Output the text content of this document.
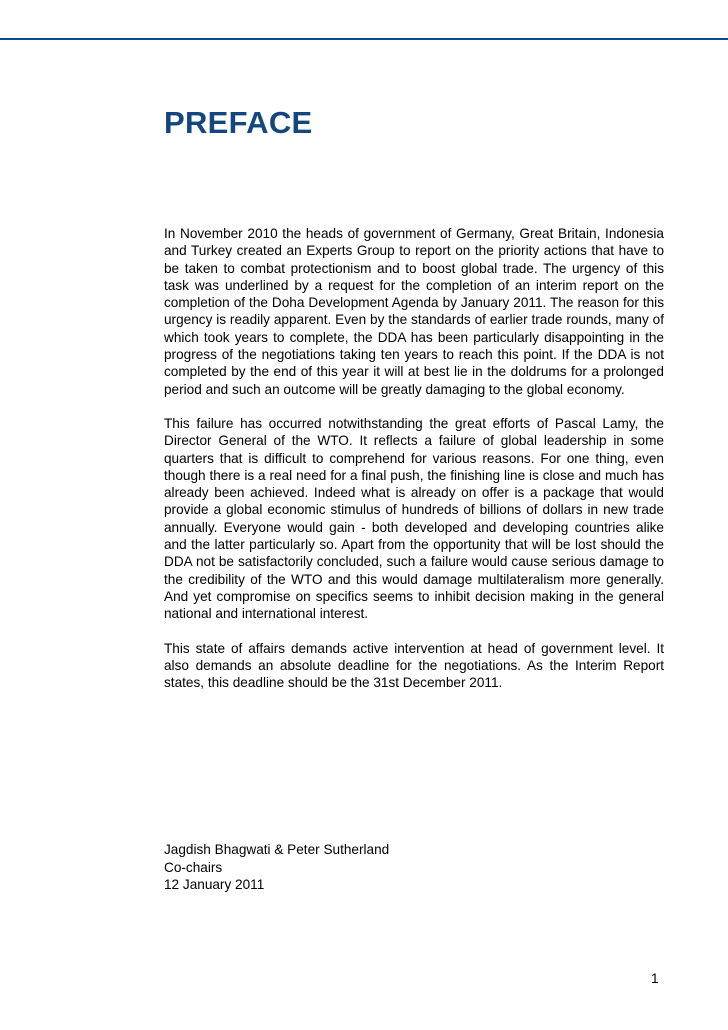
PREFACE

In November 2010 the heads of government of Germany, Great Britain, Indonesia and Turkey created an Experts Group to report on the priority actions that have to be taken to combat protectionism and to boost global trade. The urgency of this task was underlined by a request for the completion of an interim report on the completion of the Doha Development Agenda by January 2011. The reason for this urgency is readily apparent. Even by the standards of earlier trade rounds, many of which took years to complete, the DDA has been particularly disappointing in the progress of the negotiations taking ten years to reach this point. If the DDA is not completed by the end of this year it will at best lie in the doldrums for a prolonged period and such an outcome will be greatly damaging to the global economy.

This failure has occurred notwithstanding the great efforts of Pascal Lamy, the Director General of the WTO. It reflects a failure of global leadership in some quarters that is difficult to comprehend for various reasons. For one thing, even though there is a real need for a final push, the finishing line is close and much has already been achieved. Indeed what is already on offer is a package that would provide a global economic stimulus of hundreds of billions of dollars in new trade annually. Everyone would gain - both developed and developing countries alike and the latter particularly so. Apart from the opportunity that will be lost should the DDA not be satisfactorily concluded, such a failure would cause serious damage to the credibility of the WTO and this would damage multilateralism more generally. And yet compromise on specifics seems to inhibit decision making in the general national and international interest.

This state of affairs demands active intervention at head of government level. It also demands an absolute deadline for the negotiations. As the Interim Report states, this deadline should be the 31st December 2011.

Jagdish Bhagwati & Peter Sutherland
Co-chairs
12 January 2011
1
